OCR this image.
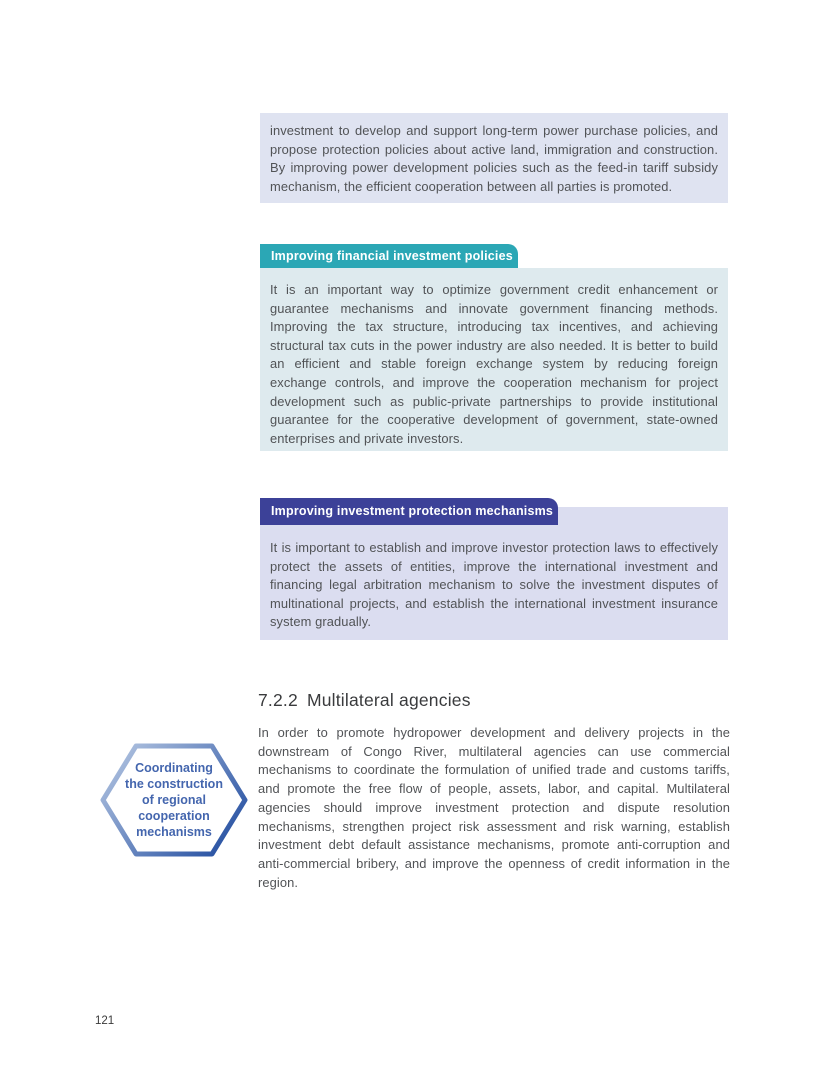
investment to develop and support long-term power purchase policies, and propose protection policies about active land, immigration and construction. By improving power development policies such as the feed-in tariff subsidy mechanism, the efficient cooperation between all parties is promoted.
Improving financial investment policies
It is an important way to optimize government credit enhancement or guarantee mechanisms and innovate government financing methods. Improving the tax structure, introducing tax incentives, and achieving structural tax cuts in the power industry are also needed. It is better to build an efficient and stable foreign exchange system by reducing foreign exchange controls, and improve the cooperation mechanism for project development such as public-private partnerships to provide institutional guarantee for the cooperative development of government, state-owned enterprises and private investors.
Improving investment protection mechanisms
It is important to establish and improve investor protection laws to effectively protect the assets of entities, improve the international investment and financing legal arbitration mechanism to solve the investment disputes of multinational projects, and establish the international investment insurance system gradually.
7.2.2 Multilateral agencies
Coordinating
the construction
of regional
cooperation
mechanisms
In order to promote hydropower development and delivery projects in the downstream of Congo River, multilateral agencies can use commercial mechanisms to coordinate the formulation of unified trade and customs tariffs, and promote the free flow of people, assets, labor, and capital. Multilateral agencies should improve investment protection and dispute resolution mechanisms, strengthen project risk assessment and risk warning, establish investment debt default assistance mechanisms, promote anti-corruption and anti-commercial bribery, and improve the openness of credit information in the region.
121
